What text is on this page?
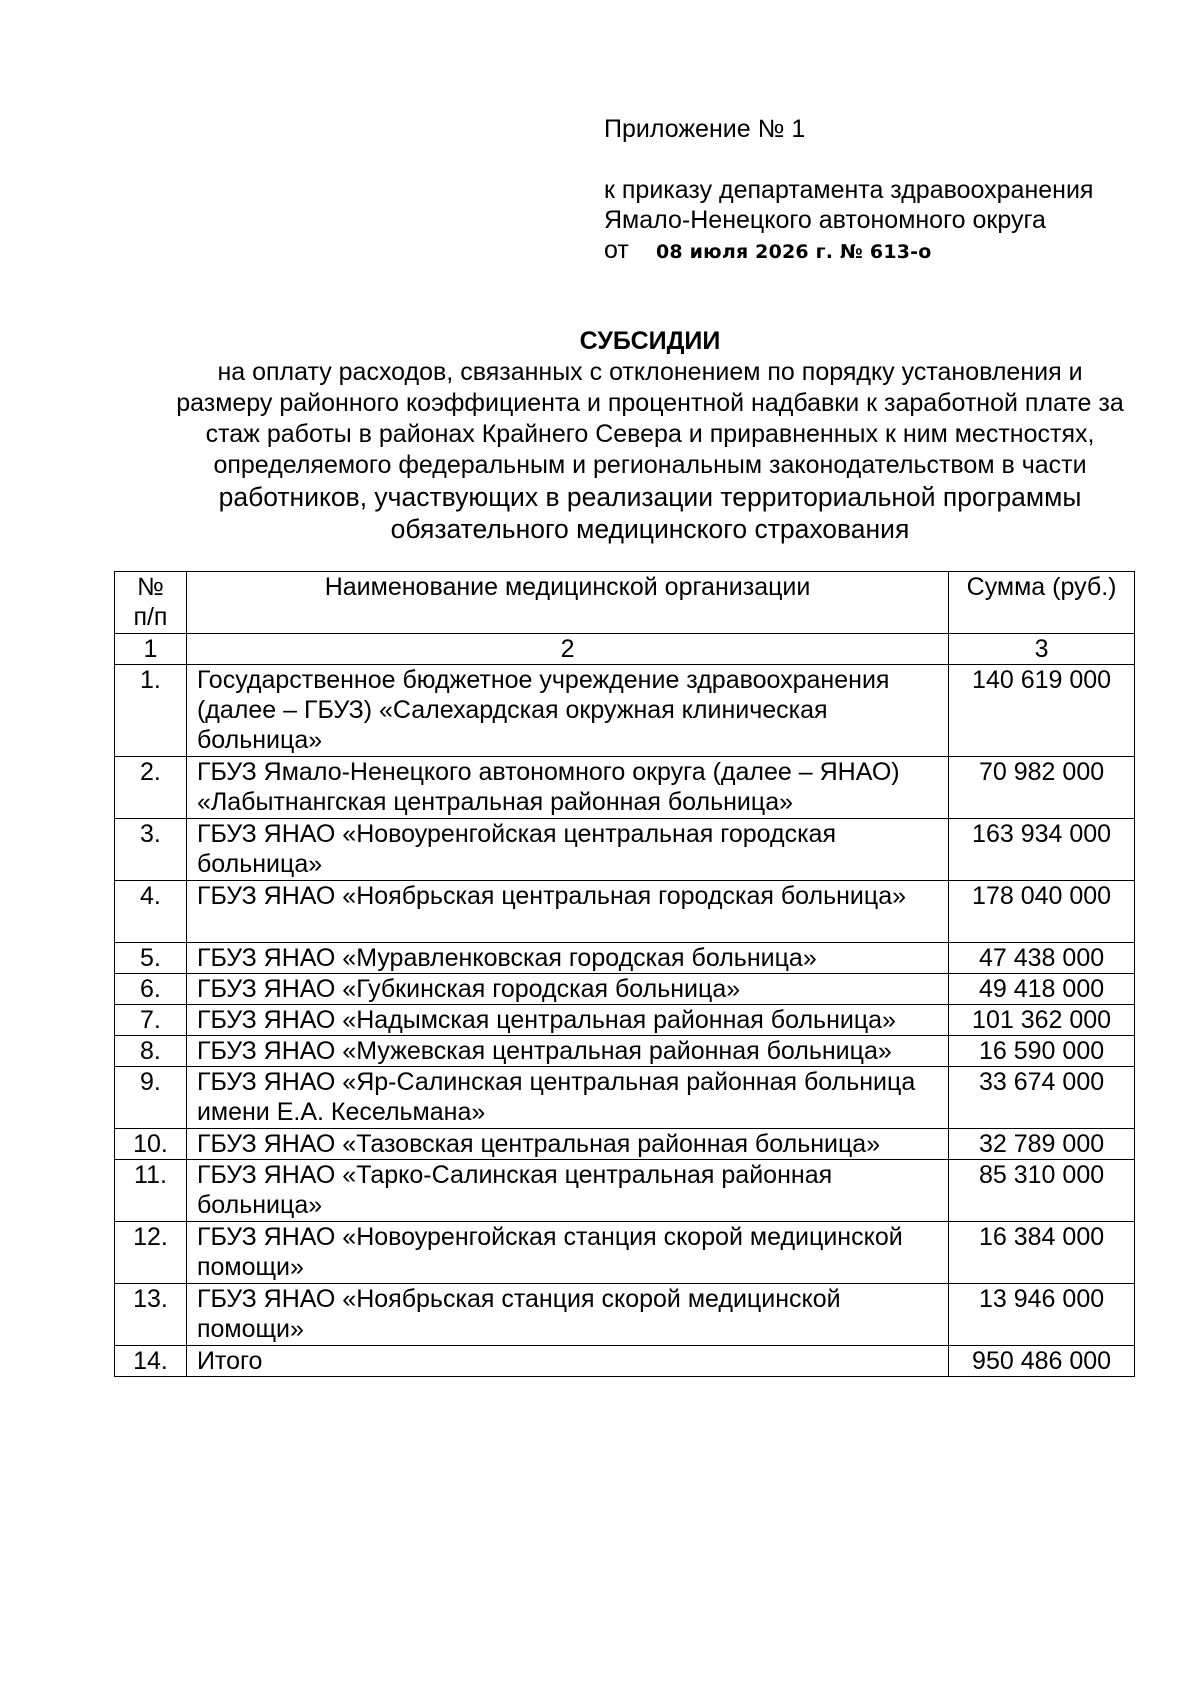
Приложение № 1
к приказу департамента здравоохранения
Ямало-Ненецкого автономного округа
от 08 июля 2026 г. № 613-о
СУБСИДИИ
на оплату расходов, связанных с отклонением по порядку установления и
размеру районного коэффициента и процентной надбавки к заработной плате за
стаж работы в районах Крайнего Севера и приравненных к ним местностях,
определяемого федеральным и региональным законодательством в части
работников, участвующих в реализации территориальной программы
обязательного медицинского страхования
№
п/п	Наименование медицинской организации	Сумма (руб.)
1	2	3
1.	Государственное бюджетное учреждение здравоохранения (далее – ГБУЗ) «Салехардская окружная клиническая больница»	140 619 000
2.	ГБУЗ Ямало-Ненецкого автономного округа (далее – ЯНАО) «Лабытнангская центральная районная больница»	70 982 000
3.	ГБУЗ ЯНАО «Новоуренгойская центральная городская больница»	163 934 000
4.	ГБУЗ ЯНАО «Ноябрьская центральная городская больница»	178 040 000
5.	ГБУЗ ЯНАО «Муравленковская городская больница»	47 438 000
6.	ГБУЗ ЯНАО «Губкинская городская больница»	49 418 000
7.	ГБУЗ ЯНАО «Надымская центральная районная больница»	101 362 000
8.	ГБУЗ ЯНАО «Мужевская центральная районная больница»	16 590 000
9.	ГБУЗ ЯНАО «Яр-Салинская центральная районная больница имени Е.А. Кесельмана»	33 674 000
10.	ГБУЗ ЯНАО «Тазовская центральная районная больница»	32 789 000
11.	ГБУЗ ЯНАО «Тарко-Салинская центральная районная больница»	85 310 000
12.	ГБУЗ ЯНАО «Новоуренгойская станция скорой медицинской помощи»	16 384 000
13.	ГБУЗ ЯНАО «Ноябрьская станция скорой медицинской помощи»	13 946 000
14.	Итого	950 486 000
